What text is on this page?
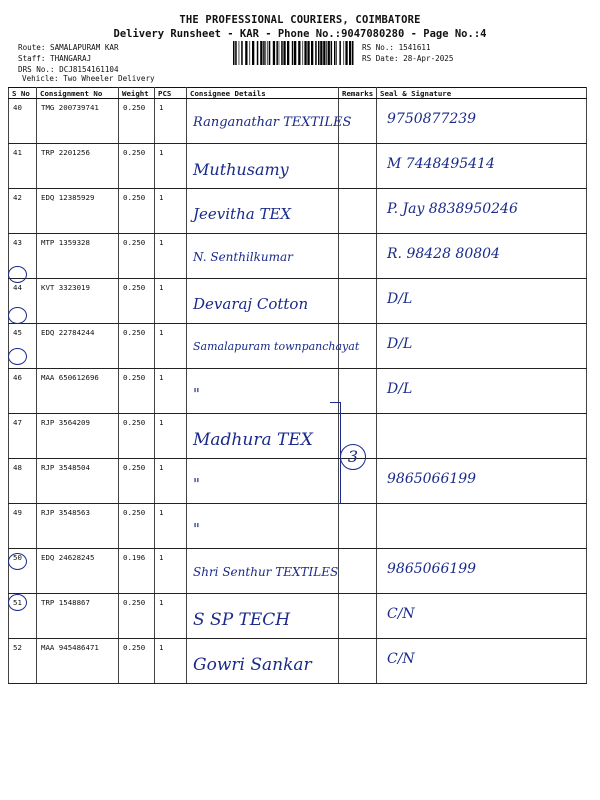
THE PROFESSIONAL COURIERS, COIMBATORE
Delivery Runsheet - KAR - Phone No.:9047080280 - Page No.:4
Route: SAMALAPURAM KAR
Staff: THANGARAJ
DRS No.: DCJ8154161104
RS No.: 1541611
RS Date: 28-Apr-2025
Vehicle: Two Wheeler Delivery
S No	Consignment No	Weight	PCS	Consignee Details	Remarks	Seal & Signature
40	TMG 200739741	0.250	1	Ranganathar TEXTILES		9750877239

41	TRP 2201256	0.250	1	Muthusamy		M 7448495414

42	EDQ 12385929	0.250	1	Jeevitha TEX		P. Jay 8838950246

43	MTP 1359328	0.250	1	N. Senthilkumar		R. 98428 80804

44	KVT 3323019	0.250	1	Devaraj Cotton		D/L

45	EDQ 22784244	0.250	1	Samalapuram townpanchayat		D/L

46	MAA 650612696	0.250	1	"		D/L

47	RJP 3564209	0.250	1	Madhura TEX		

48	RJP 3548504	0.250	1	"		9865066199

49	RJP 3548563	0.250	1	"		

50	EDQ 24628245	0.196	1	Shri Senthur TEXTILES		9865066199

51	TRP 1548867	0.250	1	S SP TECH		C/N

52	MAA 945486471	0.250	1	Gowri Sankar		C/N
3
